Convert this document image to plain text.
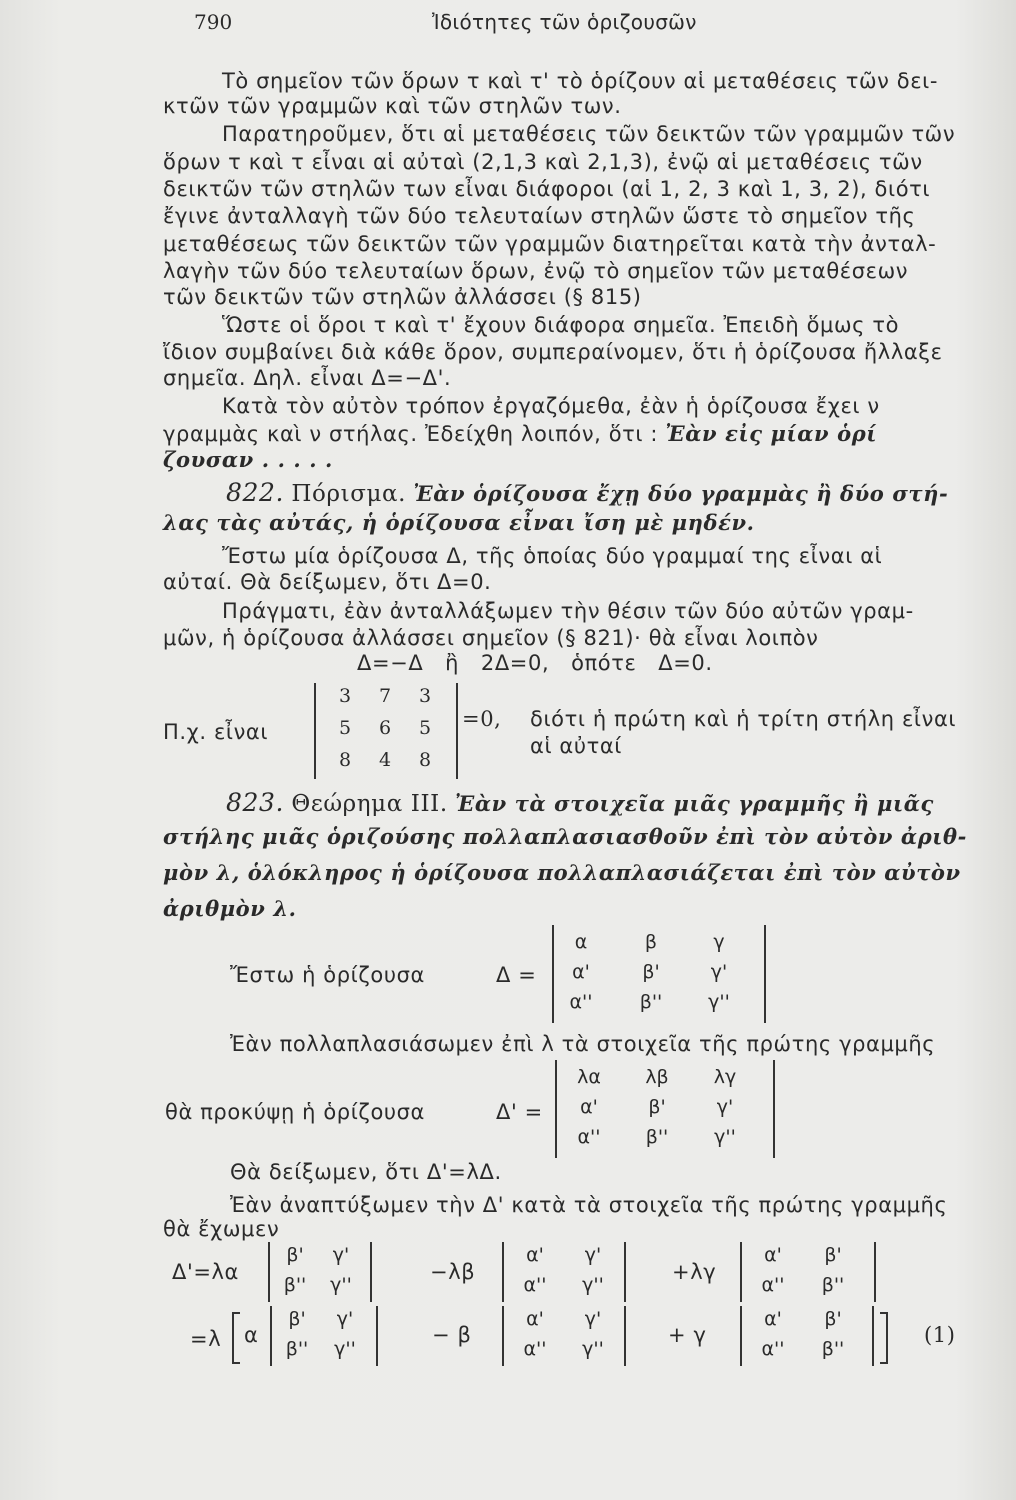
790	Ἰδιότητες τῶν ὁριζουσῶν
Τὸ σημεῖον τῶν ὅρων τ καὶ τ' τὸ ὁρίζουν αἱ μεταθέσεις τῶν δει-
κτῶν τῶν γραμμῶν καὶ τῶν στηλῶν των.
Παρατηροῦμεν, ὅτι αἱ μεταθέσεις τῶν δεικτῶν τῶν γραμμῶν τῶν
ὅρων τ καὶ τ εἶναι αἱ αὐταὶ (2,1,3 καὶ 2,1,3), ἐνῷ αἱ μεταθέσεις τῶν
δεικτῶν τῶν στηλῶν των εἶναι διάφοροι (αἱ 1, 2, 3 καὶ 1, 3, 2), διότι
ἔγινε ἀνταλλαγὴ τῶν δύο τελευταίων στηλῶν ὥστε τὸ σημεῖον τῆς
μεταθέσεως τῶν δεικτῶν τῶν γραμμῶν διατηρεῖται κατὰ τὴν ἀνταλ-
λαγὴν τῶν δύο τελευταίων ὅρων, ἐνῷ τὸ σημεῖον τῶν μεταθέσεων
τῶν δεικτῶν τῶν στηλῶν ἀλλάσσει (§ 815)
Ὥστε οἱ ὅροι τ καὶ τ' ἔχουν διάφορα σημεῖα. Ἐπειδὴ ὅμως τὸ
ἴδιον συμβαίνει διὰ κάθε ὅρον, συμπεραίνομεν, ὅτι ἡ ὁρίζουσα ἤλλαξε
σημεῖα. Δηλ. εἶναι Δ=−Δ'.
Κατὰ τὸν αὐτὸν τρόπον ἐργαζόμεθα, ἐὰν ἡ ὁρίζουσα ἔχει ν
γραμμὰς καὶ ν στήλας. Ἐδείχθη λοιπόν, ὅτι : Ἐὰν εἰς μίαν ὁρί
ζουσαν . . . . .
822. Πόρισμα. Ἐὰν ὁρίζουσα ἔχῃ δύο γραμμὰς ἢ δύο στή-
λας τὰς αὐτάς, ἡ ὁρίζουσα εἶναι ἴση μὲ μηδέν.
Ἔστω μία ὁρίζουσα Δ, τῆς ὁποίας δύο γραμμαί της εἶναι αἱ
αὐταί. Θὰ δείξωμεν, ὅτι Δ=0.
Πράγματι, ἐὰν ἀνταλλάξωμεν τὴν θέσιν τῶν δύο αὐτῶν γραμ-
μῶν, ἡ ὁρίζουσα ἀλλάσσει σημεῖον (§ 821)· θὰ εἶναι λοιπὸν
Δ=−Δ   ἢ   2Δ=0,   ὁπότε   Δ=0.
Π.χ. εἶναι
3	7	3
5	6	5
8	4	8
=0, διότι ἡ πρώτη καὶ ἡ τρίτη στήλη εἶναι
αἱ αὐταί
823. Θεώρημα III. Ἐὰν τὰ στοιχεῖα μιᾶς γραμμῆς ἢ μιᾶς
στήλης μιᾶς ὁριζούσης πολλαπλασιασθοῦν ἐπὶ τὸν αὐτὸν ἀριθ-
μὸν λ, ὁλόκληρος ἡ ὁρίζουσα πολλαπλασιάζεται ἐπὶ τὸν αὐτὸν
ἀριθμὸν λ.
Ἔστω ἡ ὁρίζουσα	Δ =
α	β	γ
α'	β'	γ'
α'' β'' γ''
Ἐὰν πολλαπλασιάσωμεν ἐπὶ λ τὰ στοιχεῖα τῆς πρώτης γραμμῆς
θὰ προκύψῃ ἡ ὁρίζουσα	Δ' =
λα	λβ	λγ
α'	β'	γ'
α''	β''	γ''
Θὰ δείξωμεν, ὅτι Δ'=λΔ.
Ἐὰν ἀναπτύξωμεν τὴν Δ' κατὰ τὰ στοιχεῖα τῆς πρώτης γραμμῆς
θὰ ἔχωμεν
Δ'=λα
β'	γ'
β'' γ''
−λβ
α'	γ'
α'' γ''
+λγ
α'	β'
α'' β''
=λ α
β'	γ'
β'' γ''
− β
α'	γ'
α'' γ''
+ γ
α'	β'
α'' β''
(1)
